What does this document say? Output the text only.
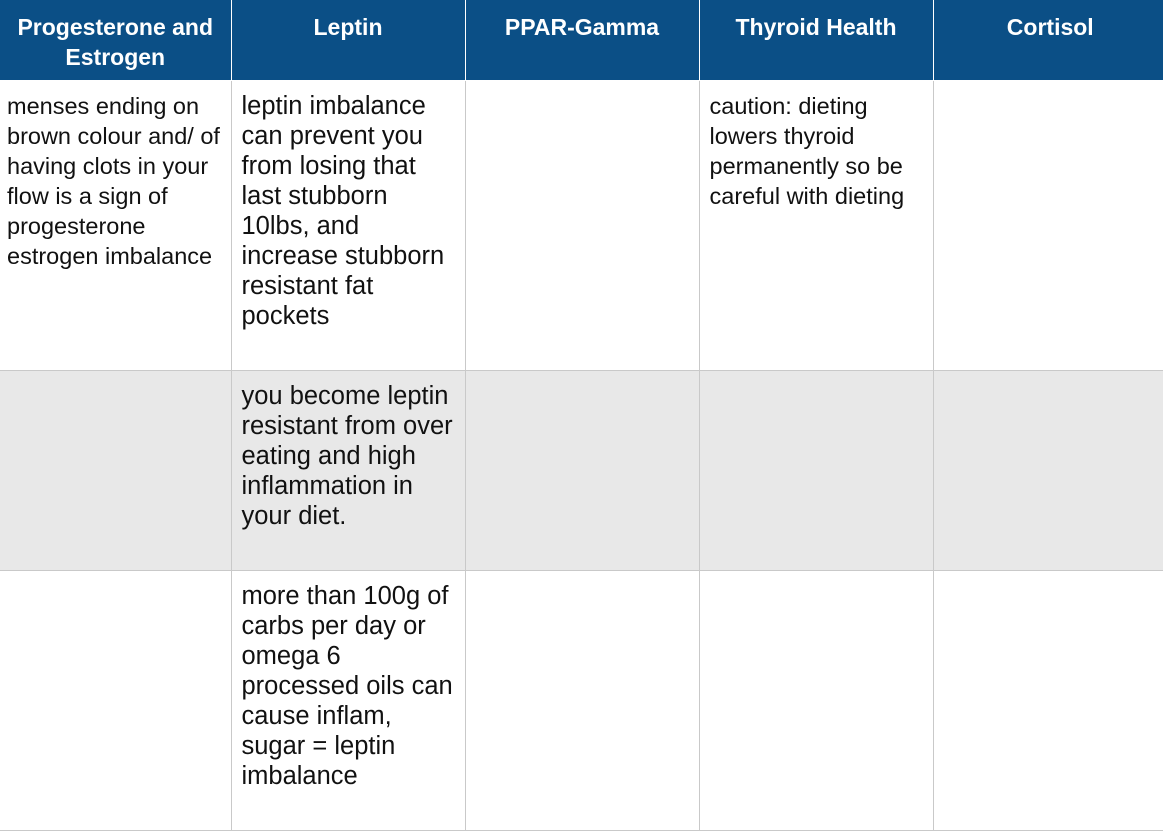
Progesterone and Estrogen	Leptin	PPAR-Gamma	Thyroid Health	Cortisol
menses ending on brown colour and/ of having clots in your flow is a sign of progesterone estrogen imbalance	leptin imbalance can prevent you from losing that last stubborn 10lbs, and increase stubborn resistant fat pockets		caution: dieting lowers thyroid permanently so be careful with dieting	
	you become leptin resistant from over eating and high inflammation in your diet.			
	more than 100g of carbs per day or omega 6 processed oils can cause inflam, sugar = leptin imbalance			
